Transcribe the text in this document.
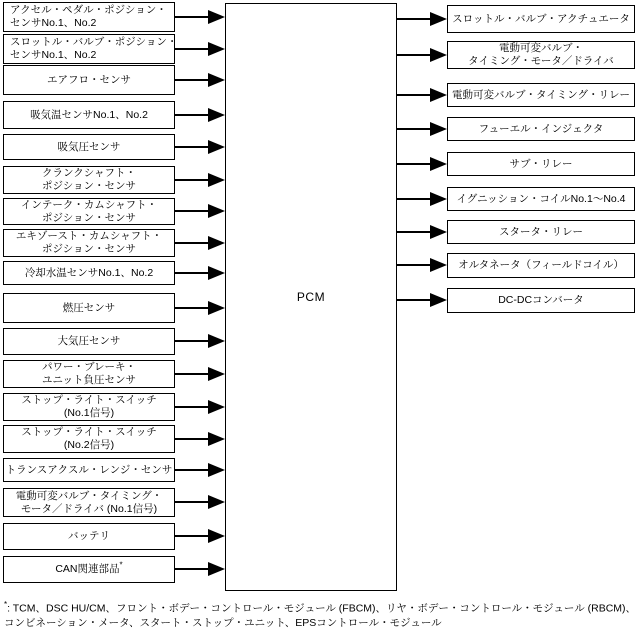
アクセル・ペダル・ポジション・
センサNo.1、No.2
スロットル・バルブ・ポジション・
センサNo.1、No.2
エアフロ・センサ
吸気温センサNo.1、No.2
吸気圧センサ
クランクシャフト・
ポジション・センサ
インテーク・カムシャフト・
ポジション・センサ
エキゾースト・カムシャフト・
ポジション・センサ
冷却水温センサNo.1、No.2
燃圧センサ
大気圧センサ
パワー・ブレーキ・
ユニット負圧センサ
ストップ・ライト・スイッチ
(No.1信号)
ストップ・ライト・スイッチ
(No.2信号)
トランスアクスル・レンジ・センサ
電動可変バルブ・タイミング・
モータ／ドライバ (No.1信号)
バッテリ
CAN関連部品*
PCM
スロットル・バルブ・アクチュエータ
電動可変バルブ・
タイミング・モータ／ドライバ
電動可変バルブ・タイミング・リレー
フューエル・インジェクタ
サブ・リレー
イグニッション・コイルNo.1～No.4
スタータ・リレー
オルタネータ（フィールドコイル）
DC-DCコンバータ
*: TCM、DSC HU/CM、フロント・ボデー・コントロール・モジュール (FBCM)、リヤ・ボデー・コントロール・モジュール (RBCM)、
コンビネーション・メータ、スタート・ストップ・ユニット、EPSコントロール・モジュール
